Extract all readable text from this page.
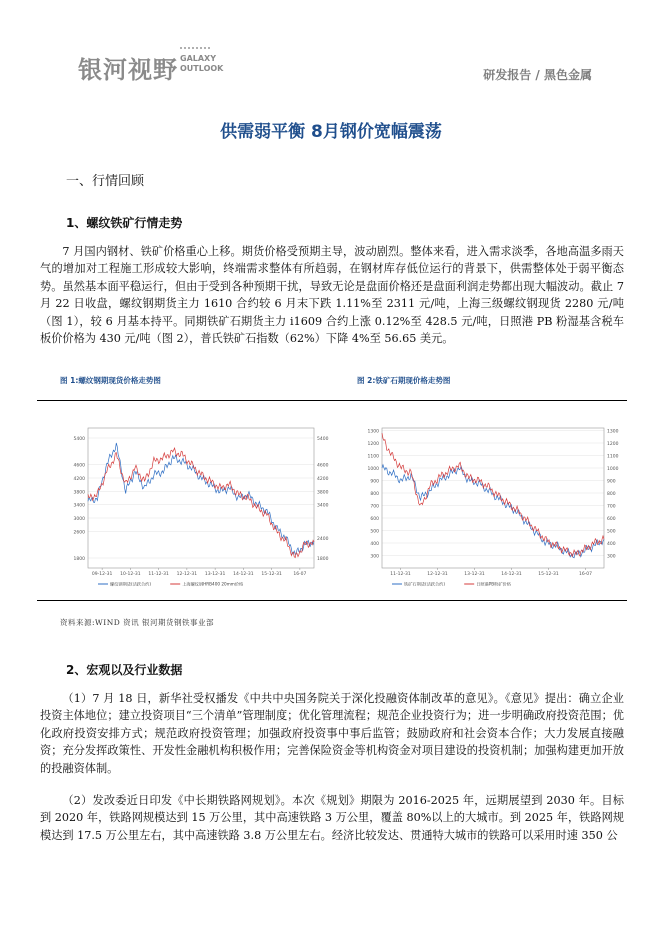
银河视野 GALAXY
OUTLOOK	研发报告 / 黑色金属
供需弱平衡 8月钢价宽幅震荡
一、行情回顾
1、螺纹铁矿行情走势
7 月国内钢材、铁矿价格重心上移。期货价格受预期主导，波动剧烈。整体来看，进入需求淡季，各地高温多雨天气的增加对工程施工形成较大影响，终端需求整体有所趋弱，在钢材库存低位运行的背景下，供需整体处于弱平衡态势。虽然基本面平稳运行，但由于受到各种预期干扰，导致无论是盘面价格还是盘面利润走势都出现大幅波动。截止 7 月 22 日收盘，螺纹钢期货主力 1610 合约较 6 月末下跌 1.11%至 2311 元/吨，上海三级螺纹钢现货 2280 元/吨（图 1），较 6 月基本持平。同期铁矿石期货主力 i1609 合约上涨 0.12%至 428.5 元/吨，日照港 PB 粉湿基含税车板价价格为 430 元/吨（图 2），普氏铁矿石指数（62%）下降 4%至 56.65 美元。
图 1:螺纹钢期现货价格走势图	图 2:铁矿石期现价格走势图
1800
2600
3000
3400
3800
4200
4600
5400
1800
2400
3400
3800
4200
4600
5400
09-12-31 10-12-31 11-12-31 12-12-31 13-12-31 14-12-31 15-12-31	16-07
螺纹钢期货(活跃合约)	上海螺纹钢HRB400 20mm价格
300
400
500
600
700
800
900
1000
1100
1200
1300
300
400
500
600
700
800
900
1000
1100
1200
1300
11-12-31	12-12-31	13-12-31	14-12-31	15-12-31	16-07
铁矿石期货(活跃合约)	日照港PB粉矿价格
资料来源:WIND 资讯 银河期货钢铁事业部
2、宏观以及行业数据
（1）7 月 18 日，新华社受权播发《中共中央国务院关于深化投融资体制改革的意见》。《意见》提出：确立企业投资主体地位；建立投资项目“三个清单”管理制度；优化管理流程；规范企业投资行为；进一步明确政府投资范围；优化政府投资安排方式；规范政府投资管理；加强政府投资事中事后监管；鼓励政府和社会资本合作；大力发展直接融资；充分发挥政策性、开发性金融机构积极作用；完善保险资金等机构资金对项目建设的投资机制；加强构建更加开放的投融资体制。
（2）发改委近日印发《中长期铁路网规划》。本次《规划》期限为 2016-2025 年，远期展望到 2030 年。目标到 2020 年，铁路网规模达到 15 万公里，其中高速铁路 3 万公里，覆盖 80%以上的大城市。到 2025 年，铁路网规模达到 17.5 万公里左右，其中高速铁路 3.8 万公里左右。经济比较发达、贯通特大城市的铁路可以采用时速 350 公
